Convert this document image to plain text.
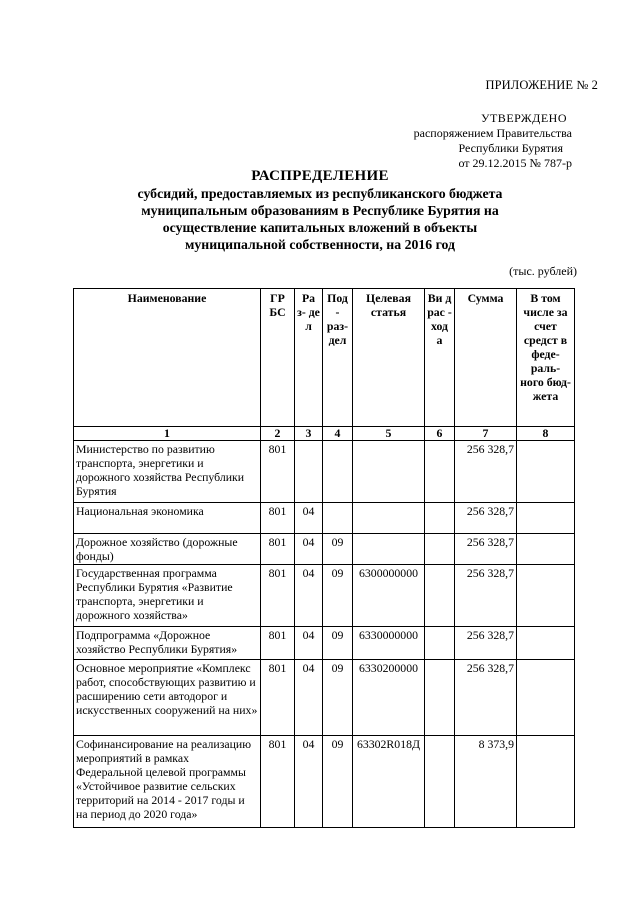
ПРИЛОЖЕНИЕ № 2
УТВЕРЖДЕНО
распоряжением Правительства
Республики Бурятия
от 29.12.2015 № 787-р
РАСПРЕДЕЛЕНИЕ
субсидий, предоставляемых из республиканского бюджета
муниципальным образованиям в Республике Бурятия на
осуществление капитальных вложений в объекты
муниципальной собственности, на 2016 год
(тыс. рублей)
Наименование	ГР БС	Ра з- де л	Под - раз- дел	Целевая статья	Ви д рас - ход а	Сумма	В том числе за счет средст в феде- раль- ного бюд- жета
1	2	3	4	5	6	7	8
Министерство по развитию транспорта, энергетики и дорожного хозяйства Республики Бурятия	801					256 328,7	
Национальная экономика	801	04				256 328,7	
Дорожное хозяйство (дорожные фонды)	801	04	09			256 328,7	
Государственная программа Республики Бурятия «Развитие транспорта, энергетики и дорожного хозяйства»	801	04	09	6300000000		256 328,7	
Подпрограмма «Дорожное хозяйство Республики Бурятия»	801	04	09	6330000000		256 328,7	
Основное мероприятие «Комплекс работ, способствующих развитию и расширению сети автодорог и искусственных сооружений на них»	801	04	09	6330200000		256 328,7	
Софинансирование на реализацию мероприятий в рамках Федеральной целевой программы «Устойчивое развитие сельских территорий на 2014 - 2017 годы и на период до 2020 года»	801	04	09	63302R018Д		8 373,9	
